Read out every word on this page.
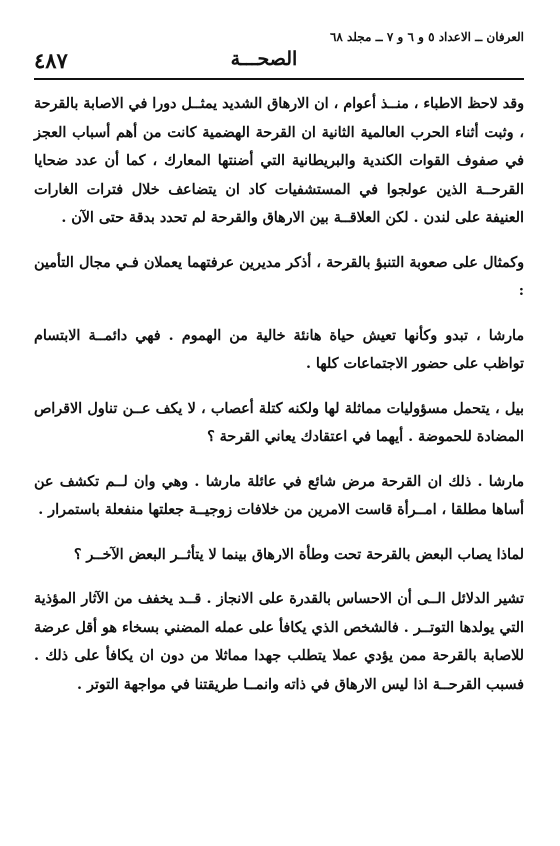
العرفان ــ الاعداد ٥ و ٦ و ٧ ــ مجلد ٦٨
الصحـــة
٤٨٧

وقد لاحظ الاطباء ، منــذ أعوام ، ان الارهاق الشديد يمثــل دورا في الاصابة بالقرحة ، وثبت أثناء الحرب العالمية الثانية ان القرحة الهضمية كانت من أهم أسباب العجز في صفوف القوات الكندية والبريطانية التي أضنتها المعارك ، كما أن عدد ضحايا القرحــة الذين عولجوا في المستشفيات كاد ان يتضاعف خلال فترات الغارات العنيفة على لندن . لكن العلاقــة بين الارهاق والقرحة لم تحدد بدقة حتى الآن .

وكمثال على صعوبة التنبؤ بالقرحة ، أذكر مديرين عرفتهما يعملان فـي مجال التأمين :

مارشا ، تبدو وكأنها تعيش حياة هانئة خالية من الهموم . فهي دائمــة الابتسام تواظب على حضور الاجتماعات كلها .

بيل ، يتحمل مسؤوليات مماثلة لها ولكنه كتلة أعصاب ، لا يكف عــن تناول الاقراص المضادة للحموضة . أيهما في اعتقادك يعاني القرحة ؟

مارشا . ذلك ان القرحة مرض شائع في عائلة مارشا . وهي وان لــم تكشف عن أساها مطلقا ، امــرأة قاست الامرين من خلافات زوجيــة جعلتها منفعلة باستمرار .

لماذا يصاب البعض بالقرحة تحت وطأة الارهاق بينما لا يتأثــر البعض الآخــر ؟

تشير الدلائل الــى أن الاحساس بالقدرة على الانجاز . قــد يخفف من الآثار المؤذية التي يولدها التوتــر . فالشخص الذي يكافأ على عمله المضني بسخاء هو أقل عرضة للاصابة بالقرحة ممن يؤدي عملا يتطلب جهدا مماثلا من دون ان يكافأ على ذلك . فسبب القرحــة اذا ليس الارهاق في ذاته وانمــا طريقتنا في مواجهة التوتر .
